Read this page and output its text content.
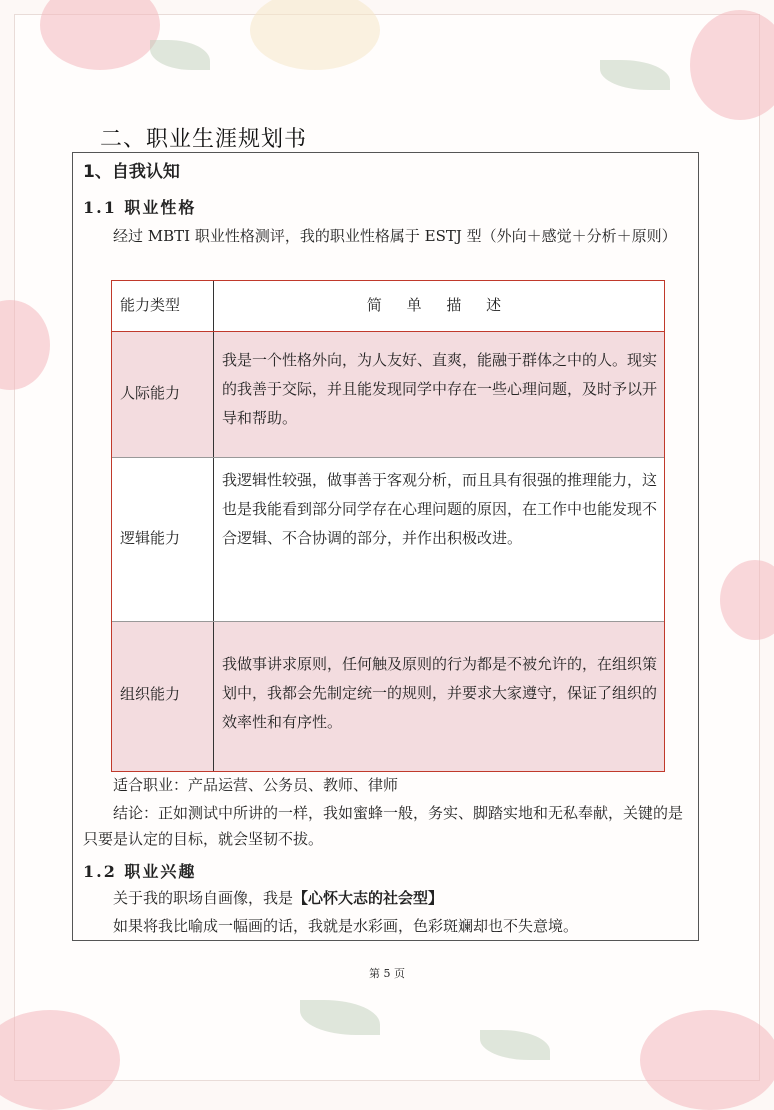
二、职业生涯规划书
1、自我认知
1.1 职业性格
经过 MBTI 职业性格测评，我的职业性格属于 ESTJ 型（外向＋感觉＋分析＋原则）
能力类型	简 单 描 述
人际能力
我是一个性格外向，为人友好、直爽，能融于群体之中的人。现实的我善于交际，并且能发现同学中存在一些心理问题，及时予以开导和帮助。
逻辑能力
我逻辑性较强，做事善于客观分析，而且具有很强的推理能力，这也是我能看到部分同学存在心理问题的原因，在工作中也能发现不合逻辑、不合协调的部分，并作出积极改进。
组织能力
我做事讲求原则，任何触及原则的行为都是不被允许的，在组织策划中，我都会先制定统一的规则，并要求大家遵守，保证了组织的效率性和有序性。
适合职业：产品运营、公务员、教师、律师
结论：正如测试中所讲的一样，我如蜜蜂一般，务实、脚踏实地和无私奉献，关键的是只要是认定的目标，就会坚韧不拔。
1.2 职业兴趣
关于我的职场自画像，我是【心怀大志的社会型】
如果将我比喻成一幅画的话，我就是水彩画，色彩斑斓却也不失意境。
第 5 页
